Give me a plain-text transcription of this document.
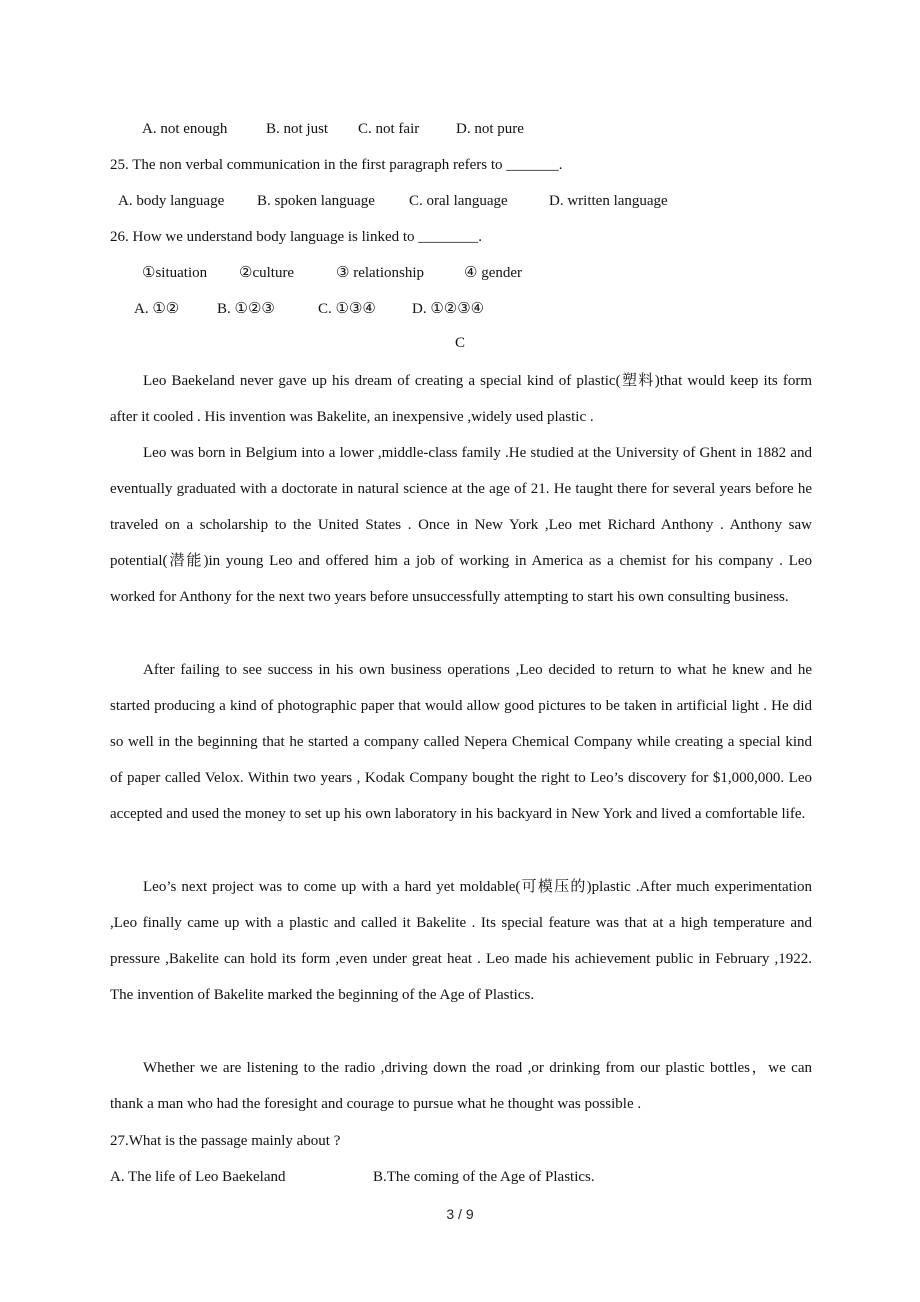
A. not enough	B. not just C. not fair D. not pure
25. The non verbal communication in the first paragraph refers to _______.
A. body language B. spoken language C. oral language	D. written language
26. How we understand body language is linked to ________.
①situation ②culture	③ relationship	④ gender
A. ①②	B. ①②③	C. ①③④ D. ①②③④
C
Leo Baekeland never gave up his dream of creating a special kind of plastic(塑料)that would keep its form after it cooled . His invention was Bakelite, an inexpensive ,widely used plastic .
Leo was born in Belgium into a lower ,middle-class family .He studied at the University of Ghent in 1882 and eventually graduated with a doctorate in natural science at the age of 21. He taught there for several years before he traveled on a scholarship to the United States . Once in New York ,Leo met Richard Anthony . Anthony saw potential(潜能)in young Leo and offered him a job of working in America as a chemist for his company . Leo worked for Anthony for the next two years before unsuccessfully attempting to start his own consulting business.
After failing to see success in his own business operations ,Leo decided to return to what he knew and he started producing a kind of photographic paper that would allow good pictures to be taken in artificial light . He did so well in the beginning that he started a company called Nepera Chemical Company while creating a special kind of paper called Velox. Within two years , Kodak Company bought the right to Leo’s discovery for $1,000,000. Leo accepted and used the money to set up his own laboratory in his backyard in New York and lived a comfortable life.
Leo’s next project was to come up with a hard yet moldable(可模压的)plastic .After much experimentation ,Leo finally came up with a plastic and called it Bakelite . Its special feature was that at a high temperature and pressure ,Bakelite can hold its form ,even under great heat . Leo made his achievement public in February ,1922. The invention of Bakelite marked the beginning of the Age of Plastics.
Whether we are listening to the radio ,driving down the road ,or drinking from our plastic bottles，we can thank a man who had the foresight and courage to pursue what he thought was possible .
27.What is the passage mainly about ?
A. The life of Leo Baekeland	B.The coming of the Age of Plastics.
3 / 9
